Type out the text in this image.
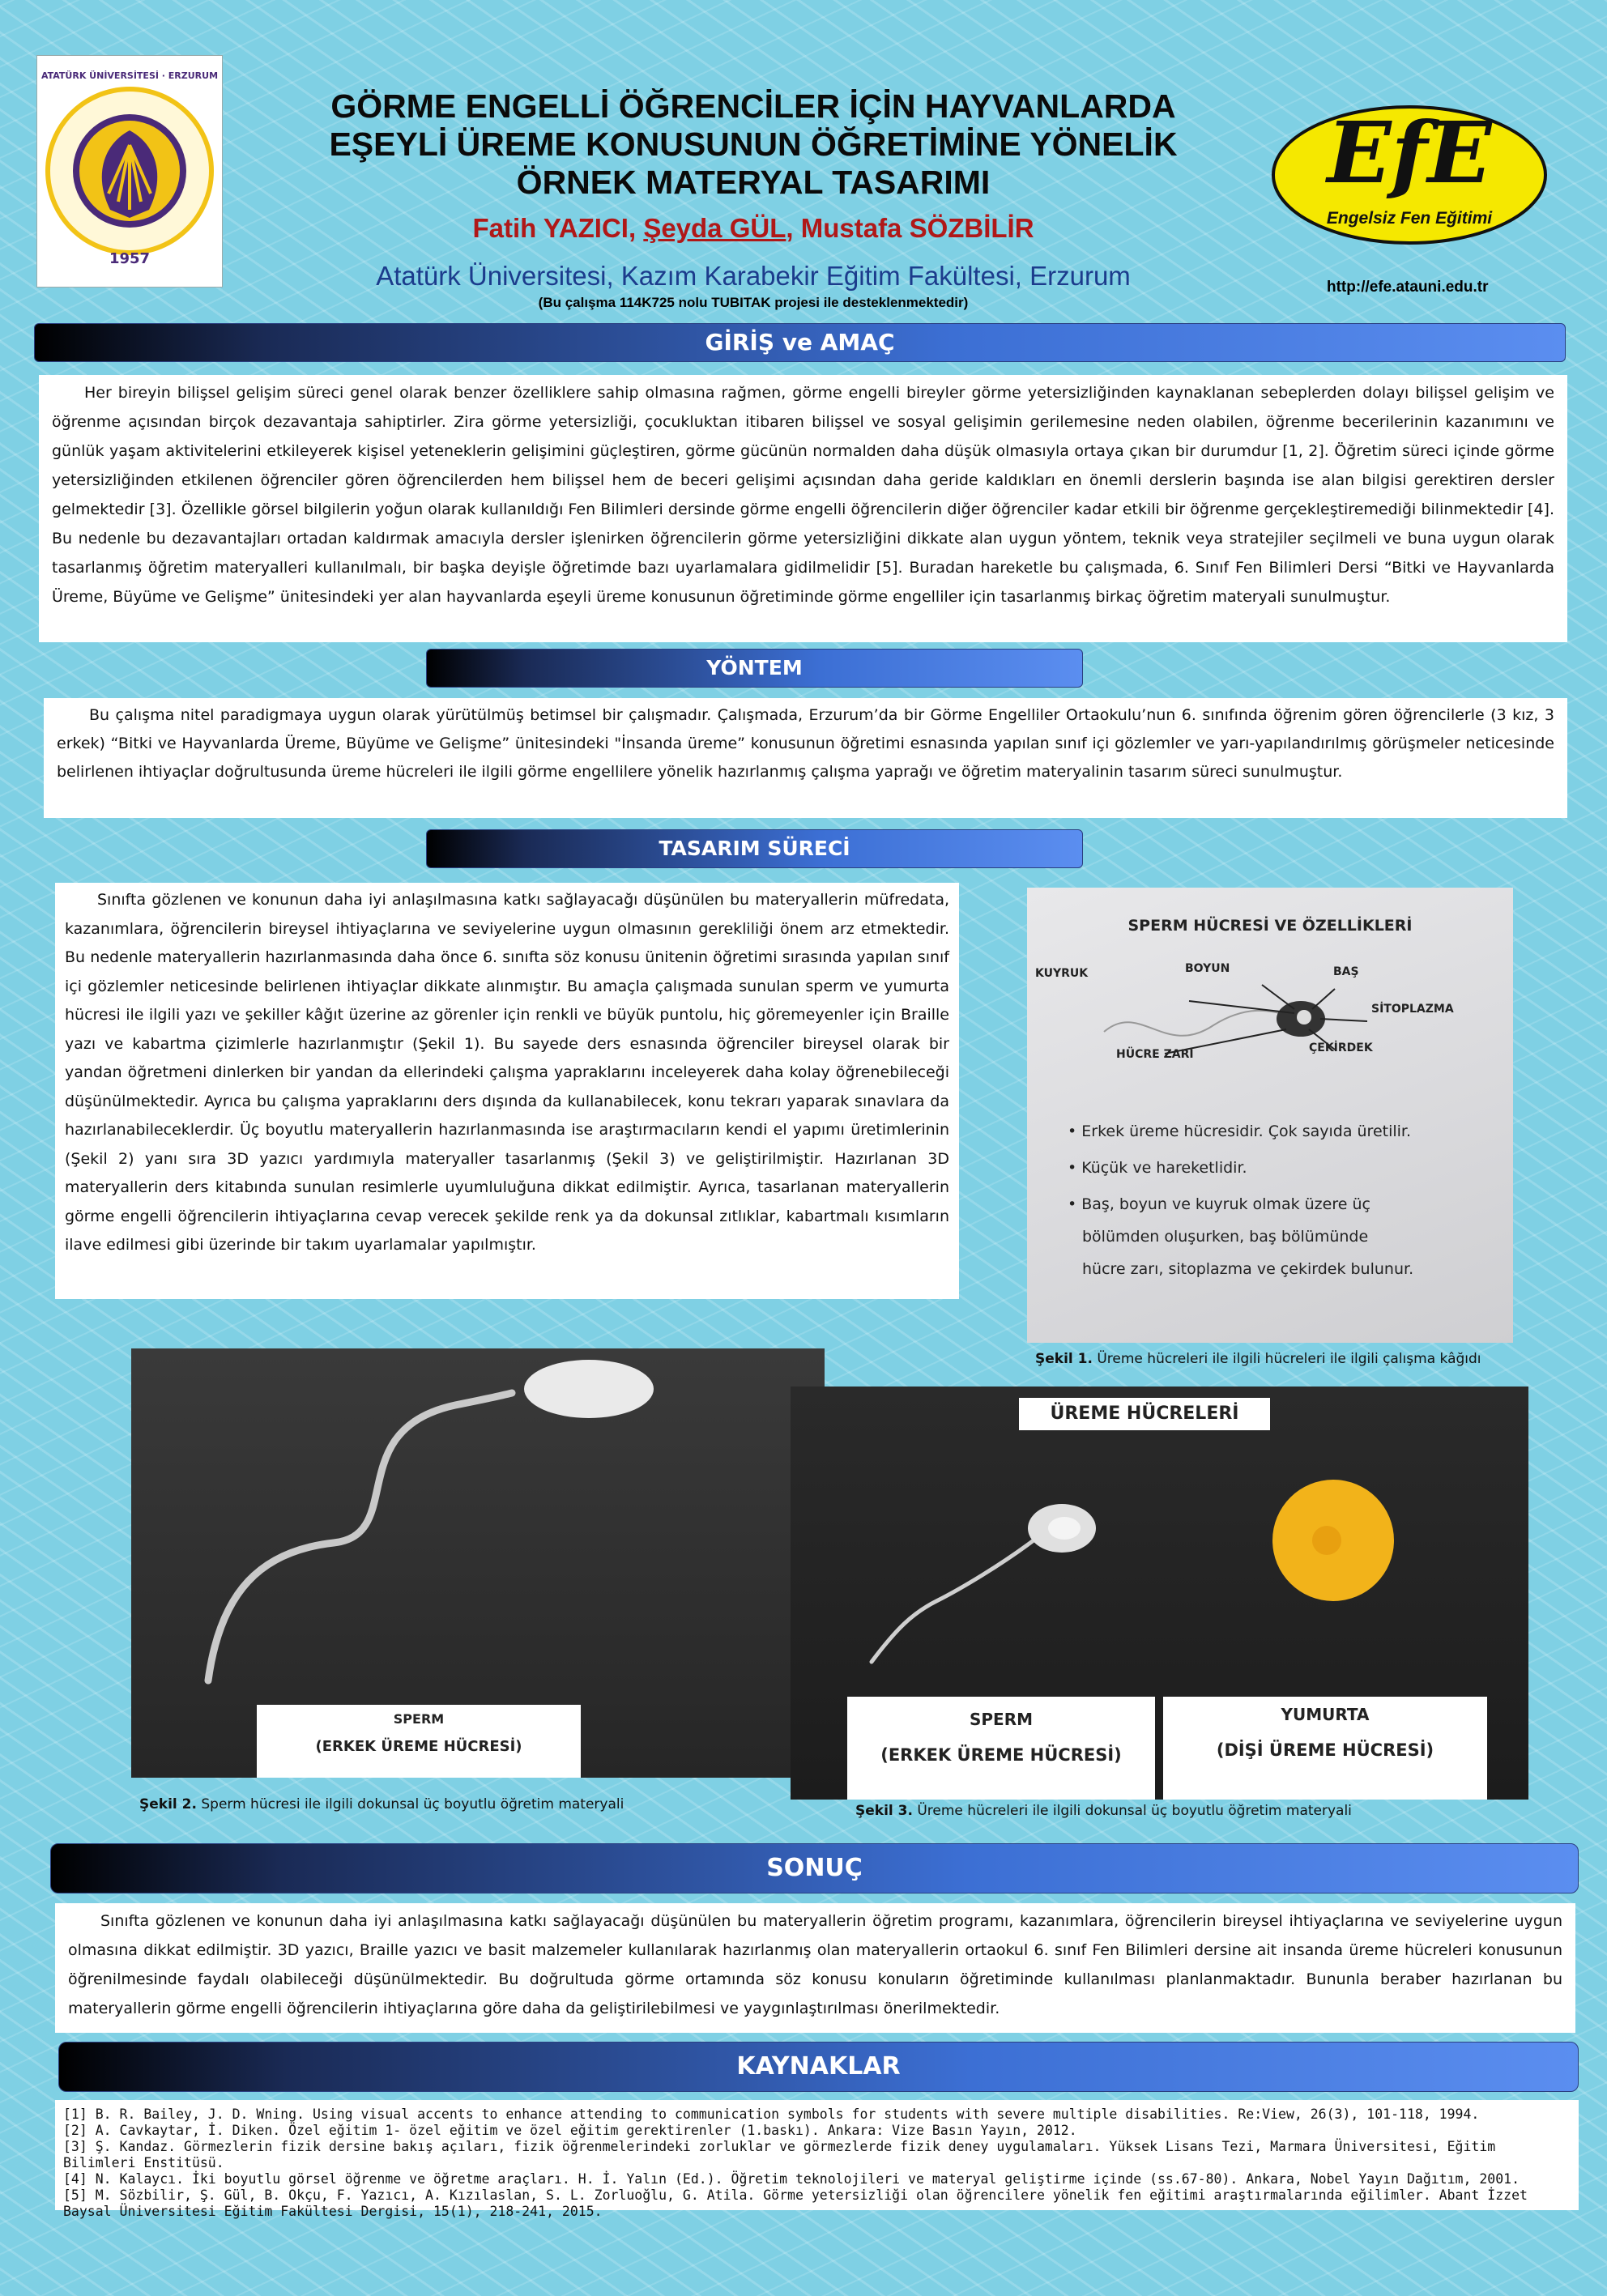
ATATÜRK ÜNİVERSİTESİ · ERZURUM
1957
GÖRME ENGELLİ ÖĞRENCİLER İÇİN HAYVANLARDA
EŞEYLİ ÜREME KONUSUNUN ÖĞRETİMİNE YÖNELİK
ÖRNEK MATERYAL TASARIMI
Fatih YAZICI, Şeyda GÜL, Mustafa SÖZBİLİR
Atatürk Üniversitesi, Kazım Karabekir Eğitim Fakültesi, Erzurum
(Bu çalışma 114K725 nolu TUBITAK projesi ile desteklenmektedir)
EfE
Engelsiz Fen Eğitimi
http://efe.atauni.edu.tr
GİRİŞ ve AMAÇ

Her bireyin bilişsel gelişim süreci genel olarak benzer özelliklere sahip olmasına rağmen, görme engelli bireyler görme yetersizliğinden kaynaklanan sebeplerden dolayı bilişsel gelişim ve öğrenme açısından birçok dezavantaja sahiptirler. Zira görme yetersizliği, çocukluktan itibaren bilişsel ve sosyal gelişimin gerilemesine neden olabilen, öğrenme becerilerinin kazanımını ve günlük yaşam aktivitelerini etkileyerek kişisel yeteneklerin gelişimini güçleştiren, görme gücünün normalden daha düşük olmasıyla ortaya çıkan bir durumdur [1, 2]. Öğretim süreci içinde görme yetersizliğinden etkilenen öğrenciler gören öğrencilerden hem bilişsel hem de beceri gelişimi açısından daha geride kaldıkları en önemli derslerin başında ise alan bilgisi gerektiren dersler gelmektedir [3]. Özellikle görsel bilgilerin yoğun olarak kullanıldığı Fen Bilimleri dersinde görme engelli öğrencilerin diğer öğrenciler kadar etkili bir öğrenme gerçekleştiremediği bilinmektedir [4]. Bu nedenle bu dezavantajları ortadan kaldırmak amacıyla dersler işlenirken öğrencilerin görme yetersizliğini dikkate alan uygun yöntem, teknik veya stratejiler seçilmeli ve buna uygun olarak tasarlanmış öğretim materyalleri kullanılmalı, bir başka deyişle öğretimde bazı uyarlamalara gidilmelidir [5]. Buradan hareketle bu çalışmada, 6. Sınıf Fen Bilimleri Dersi “Bitki ve Hayvanlarda Üreme, Büyüme ve Gelişme” ünitesindeki yer alan hayvanlarda eşeyli üreme konusunun öğretiminde görme engelliler için tasarlanmış birkaç öğretim materyali sunulmuştur.

YÖNTEM

Bu çalışma nitel paradigmaya uygun olarak yürütülmüş betimsel bir çalışmadır. Çalışmada, Erzurum’da bir Görme Engelliler Ortaokulu’nun 6. sınıfında öğrenim gören öğrencilerle (3 kız, 3 erkek) “Bitki ve Hayvanlarda Üreme, Büyüme ve Gelişme” ünitesindeki "İnsanda üreme” konusunun öğretimi esnasında yapılan sınıf içi gözlemler ve yarı-yapılandırılmış görüşmeler neticesinde belirlenen ihtiyaçlar doğrultusunda üreme hücreleri ile ilgili görme engellilere yönelik hazırlanmış çalışma yaprağı ve öğretim materyalinin tasarım süreci sunulmuştur.

TASARIM SÜRECİ

Sınıfta gözlenen ve konunun daha iyi anlaşılmasına katkı sağlayacağı düşünülen bu materyallerin müfredata, kazanımlara, öğrencilerin bireysel ihtiyaçlarına ve seviyelerine uygun olmasının gerekliliği önem arz etmektedir. Bu nedenle materyallerin hazırlanmasında daha önce 6. sınıfta söz konusu ünitenin öğretimi sırasında yapılan sınıf içi gözlemler neticesinde belirlenen ihtiyaçlar dikkate alınmıştır. Bu amaçla çalışmada sunulan sperm ve yumurta hücresi ile ilgili yazı ve şekiller kâğıt üzerine az görenler için renkli ve büyük puntolu, hiç göremeyenler için Braille yazı ve kabartma çizimlerle hazırlanmıştır (Şekil 1). Bu sayede ders esnasında öğrenciler bireysel olarak bir yandan öğretmeni dinlerken bir yandan da ellerindeki çalışma yapraklarını inceleyerek daha kolay öğrenebileceği düşünülmektedir. Ayrıca bu çalışma yapraklarını ders dışında da kullanabilecek, konu tekrarı yaparak sınavlara da hazırlanabileceklerdir. Üç boyutlu materyallerin hazırlanmasında ise araştırmacıların kendi el yapımı üretimlerinin (Şekil 2) yanı sıra 3D yazıcı yardımıyla materyaller tasarlanmış (Şekil 3) ve geliştirilmiştir. Hazırlanan 3D materyallerin ders kitabında sunulan resimlerle uyumluluğuna dikkat edilmiştir. Ayrıca, tasarlanan materyallerin görme engelli öğrencilerin ihtiyaçlarına cevap verecek şekilde renk ya da dokunsal zıtlıklar, kabartmalı kısımların ilave edilmesi gibi üzerinde bir takım uyarlamalar yapılmıştır.

SPERM HÜCRESİ VE ÖZELLİKLERİ
KUYRUK	BOYUN	BAŞ
SİTOPLAZMA
HÜCRE ZARI	ÇEKİRDEK
• Erkek üreme hücresidir. Çok sayıda üretilir.
• Küçük ve hareketlidir.
• Baş, boyun ve kuyruk olmak üzere üç
bölümden oluşurken, baş bölümünde
hücre zarı, sitoplazma ve çekirdek bulunur.
Şekil 1. Üreme hücreleri ile ilgili hücreleri ile ilgili çalışma kâğıdı
SPERM
(ERKEK ÜREME HÜCRESİ)
Şekil 2. Sperm hücresi ile ilgili dokunsal üç boyutlu öğretim materyali
ÜREME HÜCRELERİ
SPERM
(ERKEK ÜREME HÜCRESİ)
YUMURTA
(DİŞİ ÜREME HÜCRESİ)
Şekil 3. Üreme hücreleri ile ilgili dokunsal üç boyutlu öğretim materyali
SONUÇ

Sınıfta gözlenen ve konunun daha iyi anlaşılmasına katkı sağlayacağı düşünülen bu materyallerin öğretim programı, kazanımlara, öğrencilerin bireysel ihtiyaçlarına ve seviyelerine uygun olmasına dikkat edilmiştir. 3D yazıcı, Braille yazıcı ve basit malzemeler kullanılarak hazırlanmış olan materyallerin ortaokul 6. sınıf Fen Bilimleri dersine ait insanda üreme hücreleri konusunun öğrenilmesinde faydalı olabileceği düşünülmektedir. Bu doğrultuda görme ortamında söz konusu konuların öğretiminde kullanılması planlanmaktadır. Bununla beraber hazırlanan bu materyallerin görme engelli öğrencilerin ihtiyaçlarına göre daha da geliştirilebilmesi ve yaygınlaştırılması önerilmektedir.

KAYNAKLAR
[1] B. R. Bailey, J. D. Wning. Using visual accents to enhance attending to communication symbols for students with severe multiple disabilities. Re:View, 26(3), 101-118, 1994.
[2] A. Cavkaytar, İ. Diken. Özel eğitim 1- özel eğitim ve özel eğitim gerektirenler (1.baskı). Ankara: Vize Basın Yayın, 2012.
[3] Ş. Kandaz. Görmezlerin fizik dersine bakış açıları, fizik öğrenmelerindeki zorluklar ve görmezlerde fizik deney uygulamaları. Yüksek Lisans Tezi, Marmara Üniversitesi, Eğitim Bilimleri Enstitüsü.
[4] N. Kalaycı. İki boyutlu görsel öğrenme ve öğretme araçları. H. İ. Yalın (Ed.). Öğretim teknolojileri ve materyal geliştirme içinde (ss.67-80). Ankara, Nobel Yayın Dağıtım, 2001.
[5] M. Sözbilir, Ş. Gül, B. Okçu, F. Yazıcı, A. Kızılaslan, S. L. Zorluoğlu, G. Atila. Görme yetersizliği olan öğrencilere yönelik fen eğitimi araştırmalarında eğilimler. Abant İzzet Baysal Üniversitesi Eğitim Fakültesi Dergisi, 15(1), 218-241, 2015.
